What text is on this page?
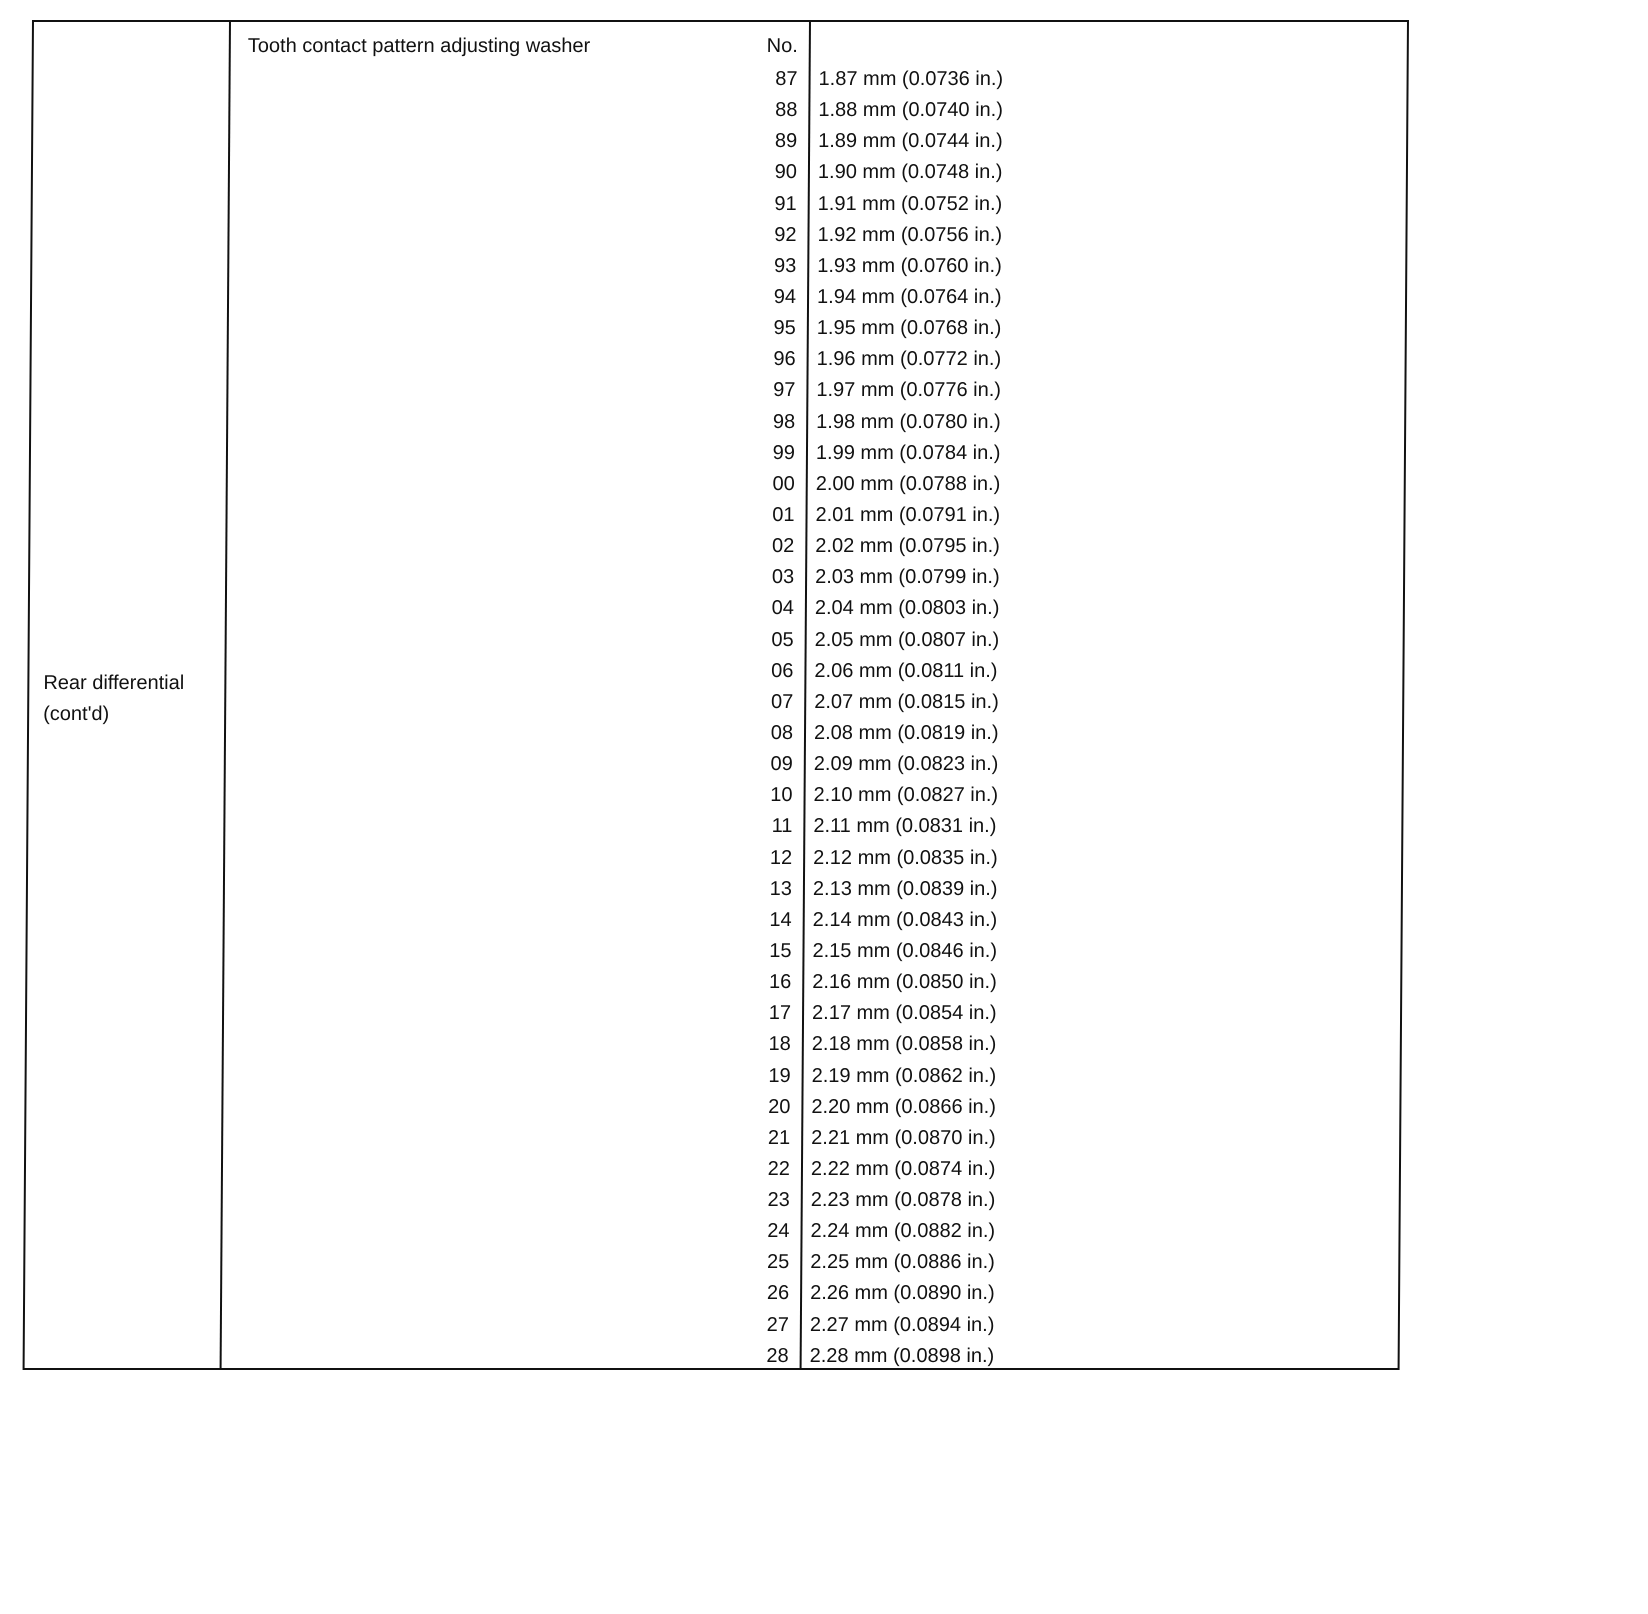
Rear differential
(cont'd)
Tooth contact pattern adjusting washer	No.
87 1.87 mm (0.0736 in.)
88 1.88 mm (0.0740 in.)
89 1.89 mm (0.0744 in.)
90 1.90 mm (0.0748 in.)
91 1.91 mm (0.0752 in.)
92 1.92 mm (0.0756 in.)
93 1.93 mm (0.0760 in.)
94 1.94 mm (0.0764 in.)
95 1.95 mm (0.0768 in.)
96 1.96 mm (0.0772 in.)
97 1.97 mm (0.0776 in.)
98 1.98 mm (0.0780 in.)
99 1.99 mm (0.0784 in.)
00 2.00 mm (0.0788 in.)
01 2.01 mm (0.0791 in.)
02 2.02 mm (0.0795 in.)
03 2.03 mm (0.0799 in.)
04 2.04 mm (0.0803 in.)
05 2.05 mm (0.0807 in.)
06 2.06 mm (0.0811 in.)
07 2.07 mm (0.0815 in.)
08 2.08 mm (0.0819 in.)
09 2.09 mm (0.0823 in.)
10 2.10 mm (0.0827 in.)
11 2.11 mm (0.0831 in.)
12 2.12 mm (0.0835 in.)
13 2.13 mm (0.0839 in.)
14 2.14 mm (0.0843 in.)
15 2.15 mm (0.0846 in.)
16 2.16 mm (0.0850 in.)
17 2.17 mm (0.0854 in.)
18 2.18 mm (0.0858 in.)
19 2.19 mm (0.0862 in.)
20 2.20 mm (0.0866 in.)
21 2.21 mm (0.0870 in.)
22 2.22 mm (0.0874 in.)
23 2.23 mm (0.0878 in.)
24 2.24 mm (0.0882 in.)
25 2.25 mm (0.0886 in.)
26 2.26 mm (0.0890 in.)
27 2.27 mm (0.0894 in.)
28 2.28 mm (0.0898 in.)
